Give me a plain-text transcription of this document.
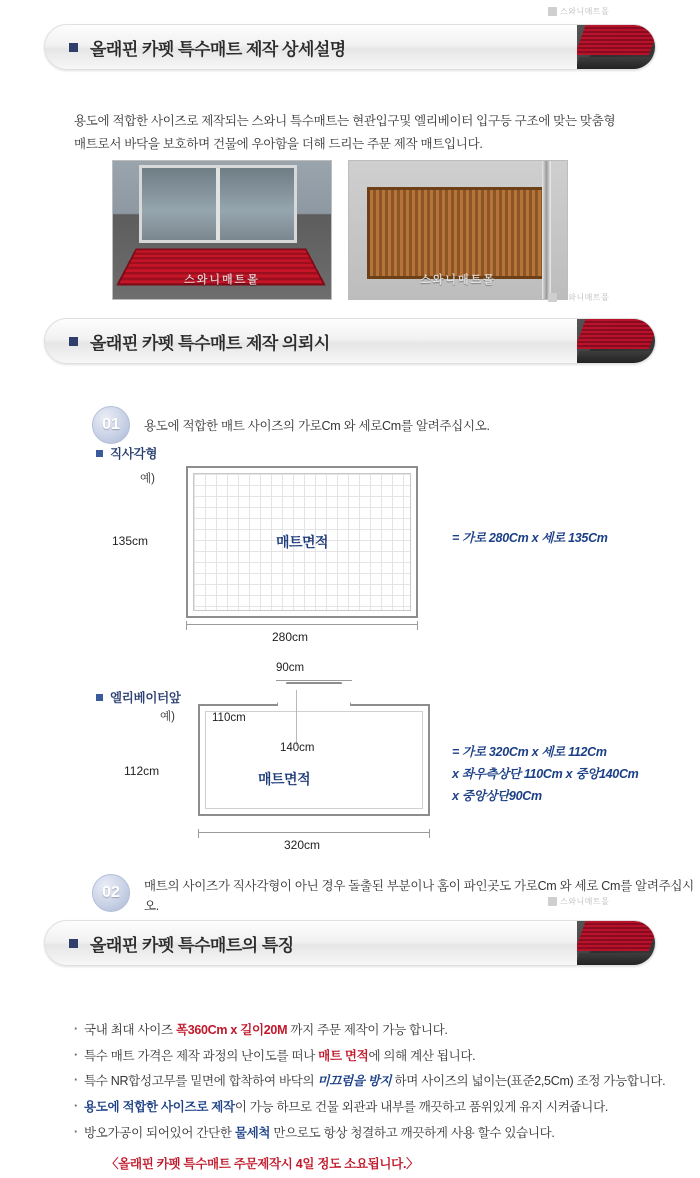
스와니매트몰
올래핀 카펫 특수매트 제작 상세설명
용도에 적합한 사이즈로 제작되는 스와니 특수매트는 현관입구및 엘리베이터 입구등 구조에 맞는 맞춤형
매트로서 바닥을 보호하며 건물에 우아함을 더해 드리는 주문 제작 매트입니다.
스와니매트몰	스와니매트몰
스와니매트몰
올래핀 카펫 특수매트 제작 의뢰시
01	용도에 적합한 매트 사이즈의 가로Cm 와 세로Cm를 알려주십시오.
직사각형
예)
매트면적
135cm
280cm
= 가로 280Cm x 세로 135Cm
엘리베이터앞
예)
90cm
110cm
140cm
매트면적
112cm
320cm
= 가로 320Cm x 세로 112Cm
x 좌우측상단 110Cm x 중앙140Cm
x 중앙상단90Cm
02	매트의 사이즈가 직사각형이 아닌 경우 돌출된 부분이나 홈이 파인곳도 가로Cm 와 세로 Cm를 알려주십시오.	스와니매트몰
올래핀 카펫 특수매트의 특징
· 국내 최대 사이즈 폭360Cm x 길이20M 까지 주문 제작이 가능 합니다.
· 특수 매트 가격은 제작 과정의 난이도를 떠나 매트 면적에 의해 계산 됩니다.
· 특수 NR합성고무를 밑면에 합착하여 바닥의 미끄럼을 방지 하며 사이즈의 넓이는(표준2,5Cm) 조정 가능합니다.
· 용도에 적합한 사이즈로 제작이 가능 하므로 건물 외관과 내부를 깨끗하고 품위있게 유지 시켜줍니다.
· 방오가공이 되어있어 간단한 물세척 만으로도 항상 청결하고 깨끗하게 사용 할수 있습니다.
〈올래핀 카펫 특수매트 주문제작시 4일 정도 소요됩니다.〉
